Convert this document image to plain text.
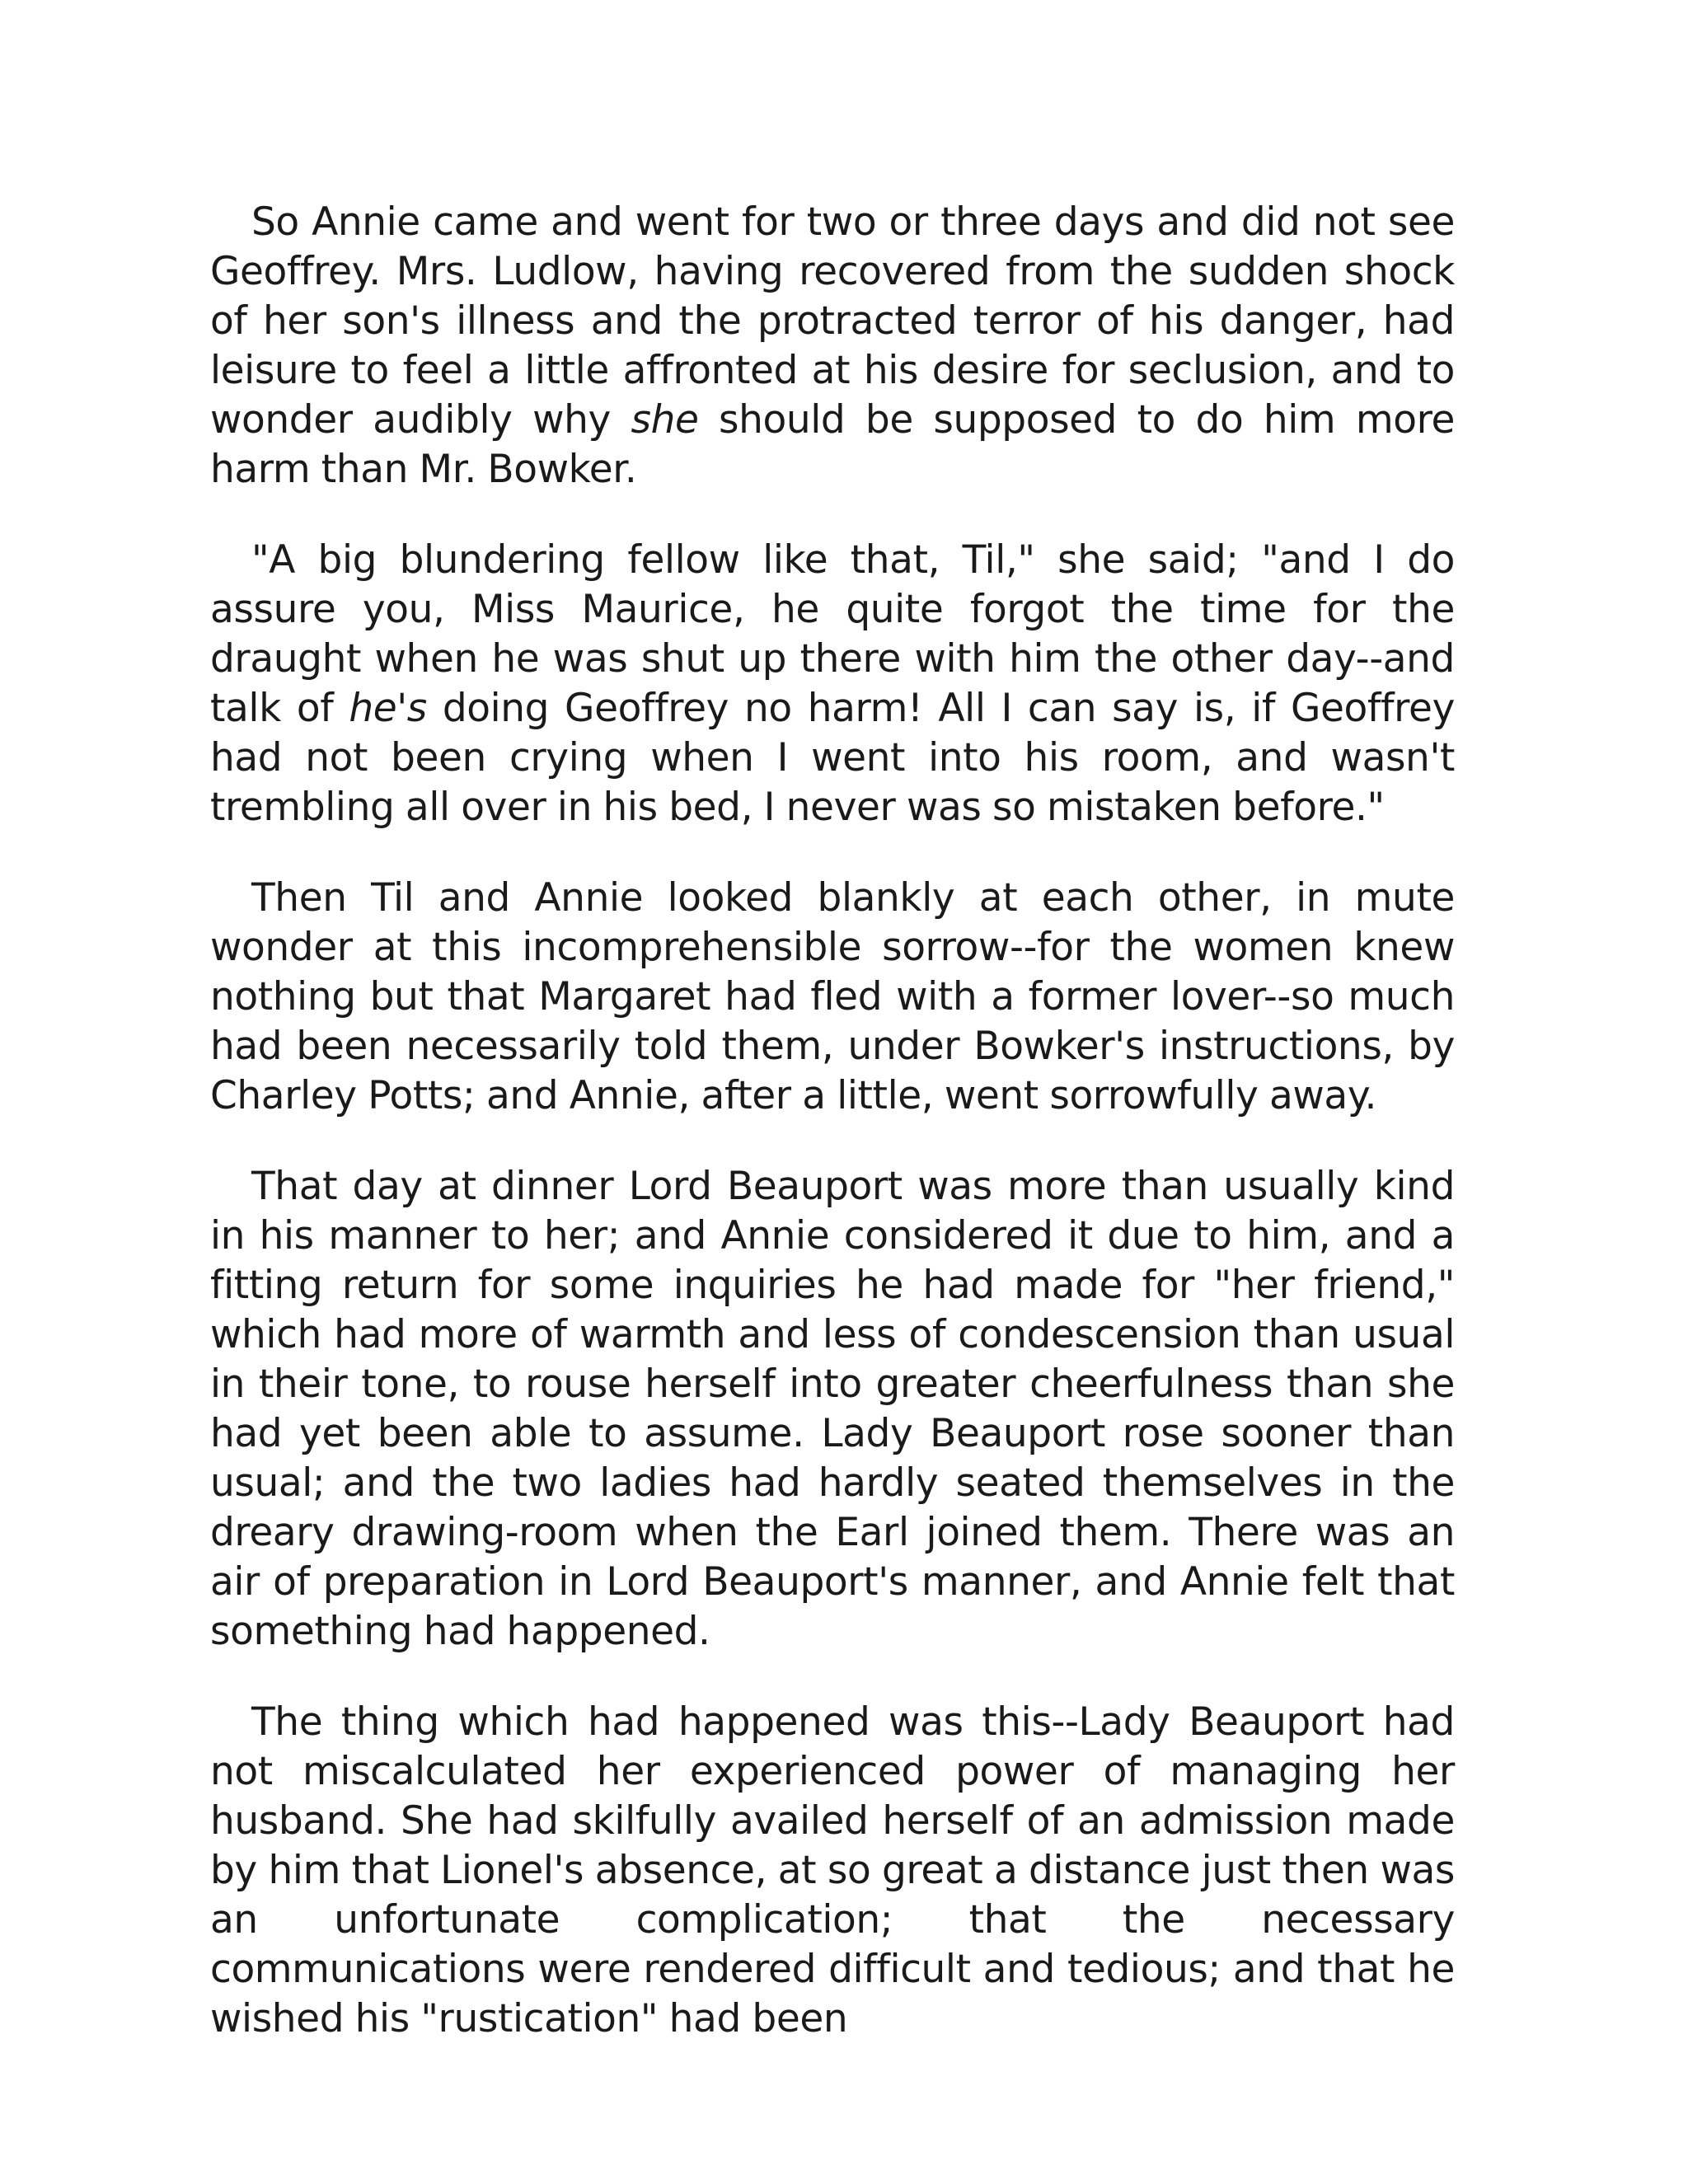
So Annie came and went for two or three days and did not see Geoffrey. Mrs. Ludlow, having recovered from the sudden shock of her son's illness and the protracted terror of his danger, had leisure to feel a little affronted at his desire for seclusion, and to wonder audibly why she should be supposed to do him more harm than Mr. Bowker.

"A big blundering fellow like that, Til," she said; "and I do assure you, Miss Maurice, he quite forgot the time for the draught when he was shut up there with him the other day--and talk of he's doing Geoffrey no harm! All I can say is, if Geoffrey had not been crying when I went into his room, and wasn't trembling all over in his bed, I never was so mistaken before."

Then Til and Annie looked blankly at each other, in mute wonder at this incomprehensible sorrow--for the women knew nothing but that Margaret had fled with a former lover--so much had been necessarily told them, under Bowker's instructions, by Charley Potts; and Annie, after a little, went sorrowfully away.

That day at dinner Lord Beauport was more than usually kind in his manner to her; and Annie considered it due to him, and a fitting return for some inquiries he had made for "her friend," which had more of warmth and less of condescension than usual in their tone, to rouse herself into greater cheerfulness than she had yet been able to assume. Lady Beauport rose sooner than usual; and the two ladies had hardly seated themselves in the dreary drawing-room when the Earl joined them. There was an air of preparation in Lord Beauport's manner, and Annie felt that something had happened.

The thing which had happened was this--Lady Beauport had not miscalculated her experienced power of managing her husband. She had skilfully availed herself of an admission made by him that Lionel's absence, at so great a distance just then was an unfortunate complication; that the necessary communications were rendered difficult and tedious; and that he wished his "rustication" had been
